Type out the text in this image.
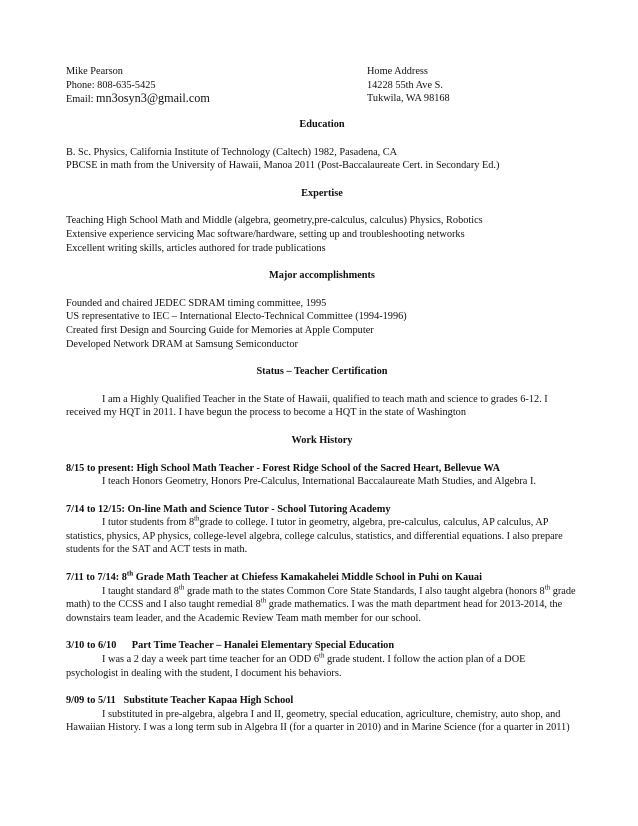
Mike Pearson
Phone: 808-635-5425
Email: mn3osyn3@gmail.com
Home Address
14228 55th Ave S.
Tukwila, WA 98168

Education

B. Sc. Physics, California Institute of Technology (Caltech) 1982, Pasadena, CA

PBCSE in math from the University of Hawaii, Manoa 2011 (Post-Baccalaureate Cert. in Secondary Ed.)

Expertise

Teaching High School Math and Middle (algebra, geometry,pre-calculus, calculus) Physics, Robotics

Extensive experience servicing Mac software/hardware, setting up and troubleshooting networks

Excellent writing skills, articles authored for trade publications

Major accomplishments

Founded and chaired JEDEC SDRAM timing committee, 1995

US representative to IEC – International Electo-Technical Committee (1994-1996)

Created first Design and Sourcing Guide for Memories at Apple Computer

Developed Network DRAM at Samsung Semiconductor

Status – Teacher Certification

I am a Highly Qualified Teacher in the State of Hawaii, qualified to teach math and science to grades 6-12. I received my HQT in 2011. I have begun the process to become a HQT in the state of Washington

Work History

8/15 to present: High School Math Teacher - Forest Ridge School of the Sacred Heart, Bellevue WA

I teach Honors Geometry, Honors Pre-Calculus, International Baccalaureate Math Studies, and Algebra I.

7/14 to 12/15: On-line Math and Science Tutor - School Tutoring Academy

I tutor students from 8thgrade to college. I tutor in geometry, algebra, pre-calculus, calculus, AP calculus, AP statistics, physics, AP physics, college-level algebra, college calculus, statistics, and differential equations. I also prepare students for the SAT and ACT tests in math.

7/11 to 7/14: 8th Grade Math Teacher at Chiefess Kamakahelei Middle School in Puhi on Kauai

I taught standard 8th grade math to the states Common Core State Standards, I also taught algebra (honors 8th grade math) to the CCSS and I also taught remedial 8th grade mathematics. I was the math department head for 2013-2014, the downstairs team leader, and the Academic Review Team math member for our school.

3/10 to 6/10      Part Time Teacher – Hanalei Elementary Special Education

I was a 2 day a week part time teacher for an ODD 6th grade student. I follow the action plan of a DOE psychologist in dealing with the student, I document his behaviors.

9/09 to 5/11   Substitute Teacher Kapaa High School

I substituted in pre-algebra, algebra I and II, geometry, special education, agriculture, chemistry, auto shop, and Hawaiian History. I was a long term sub in Algebra II (for a quarter in 2010) and in Marine Science (for a quarter in 2011)
